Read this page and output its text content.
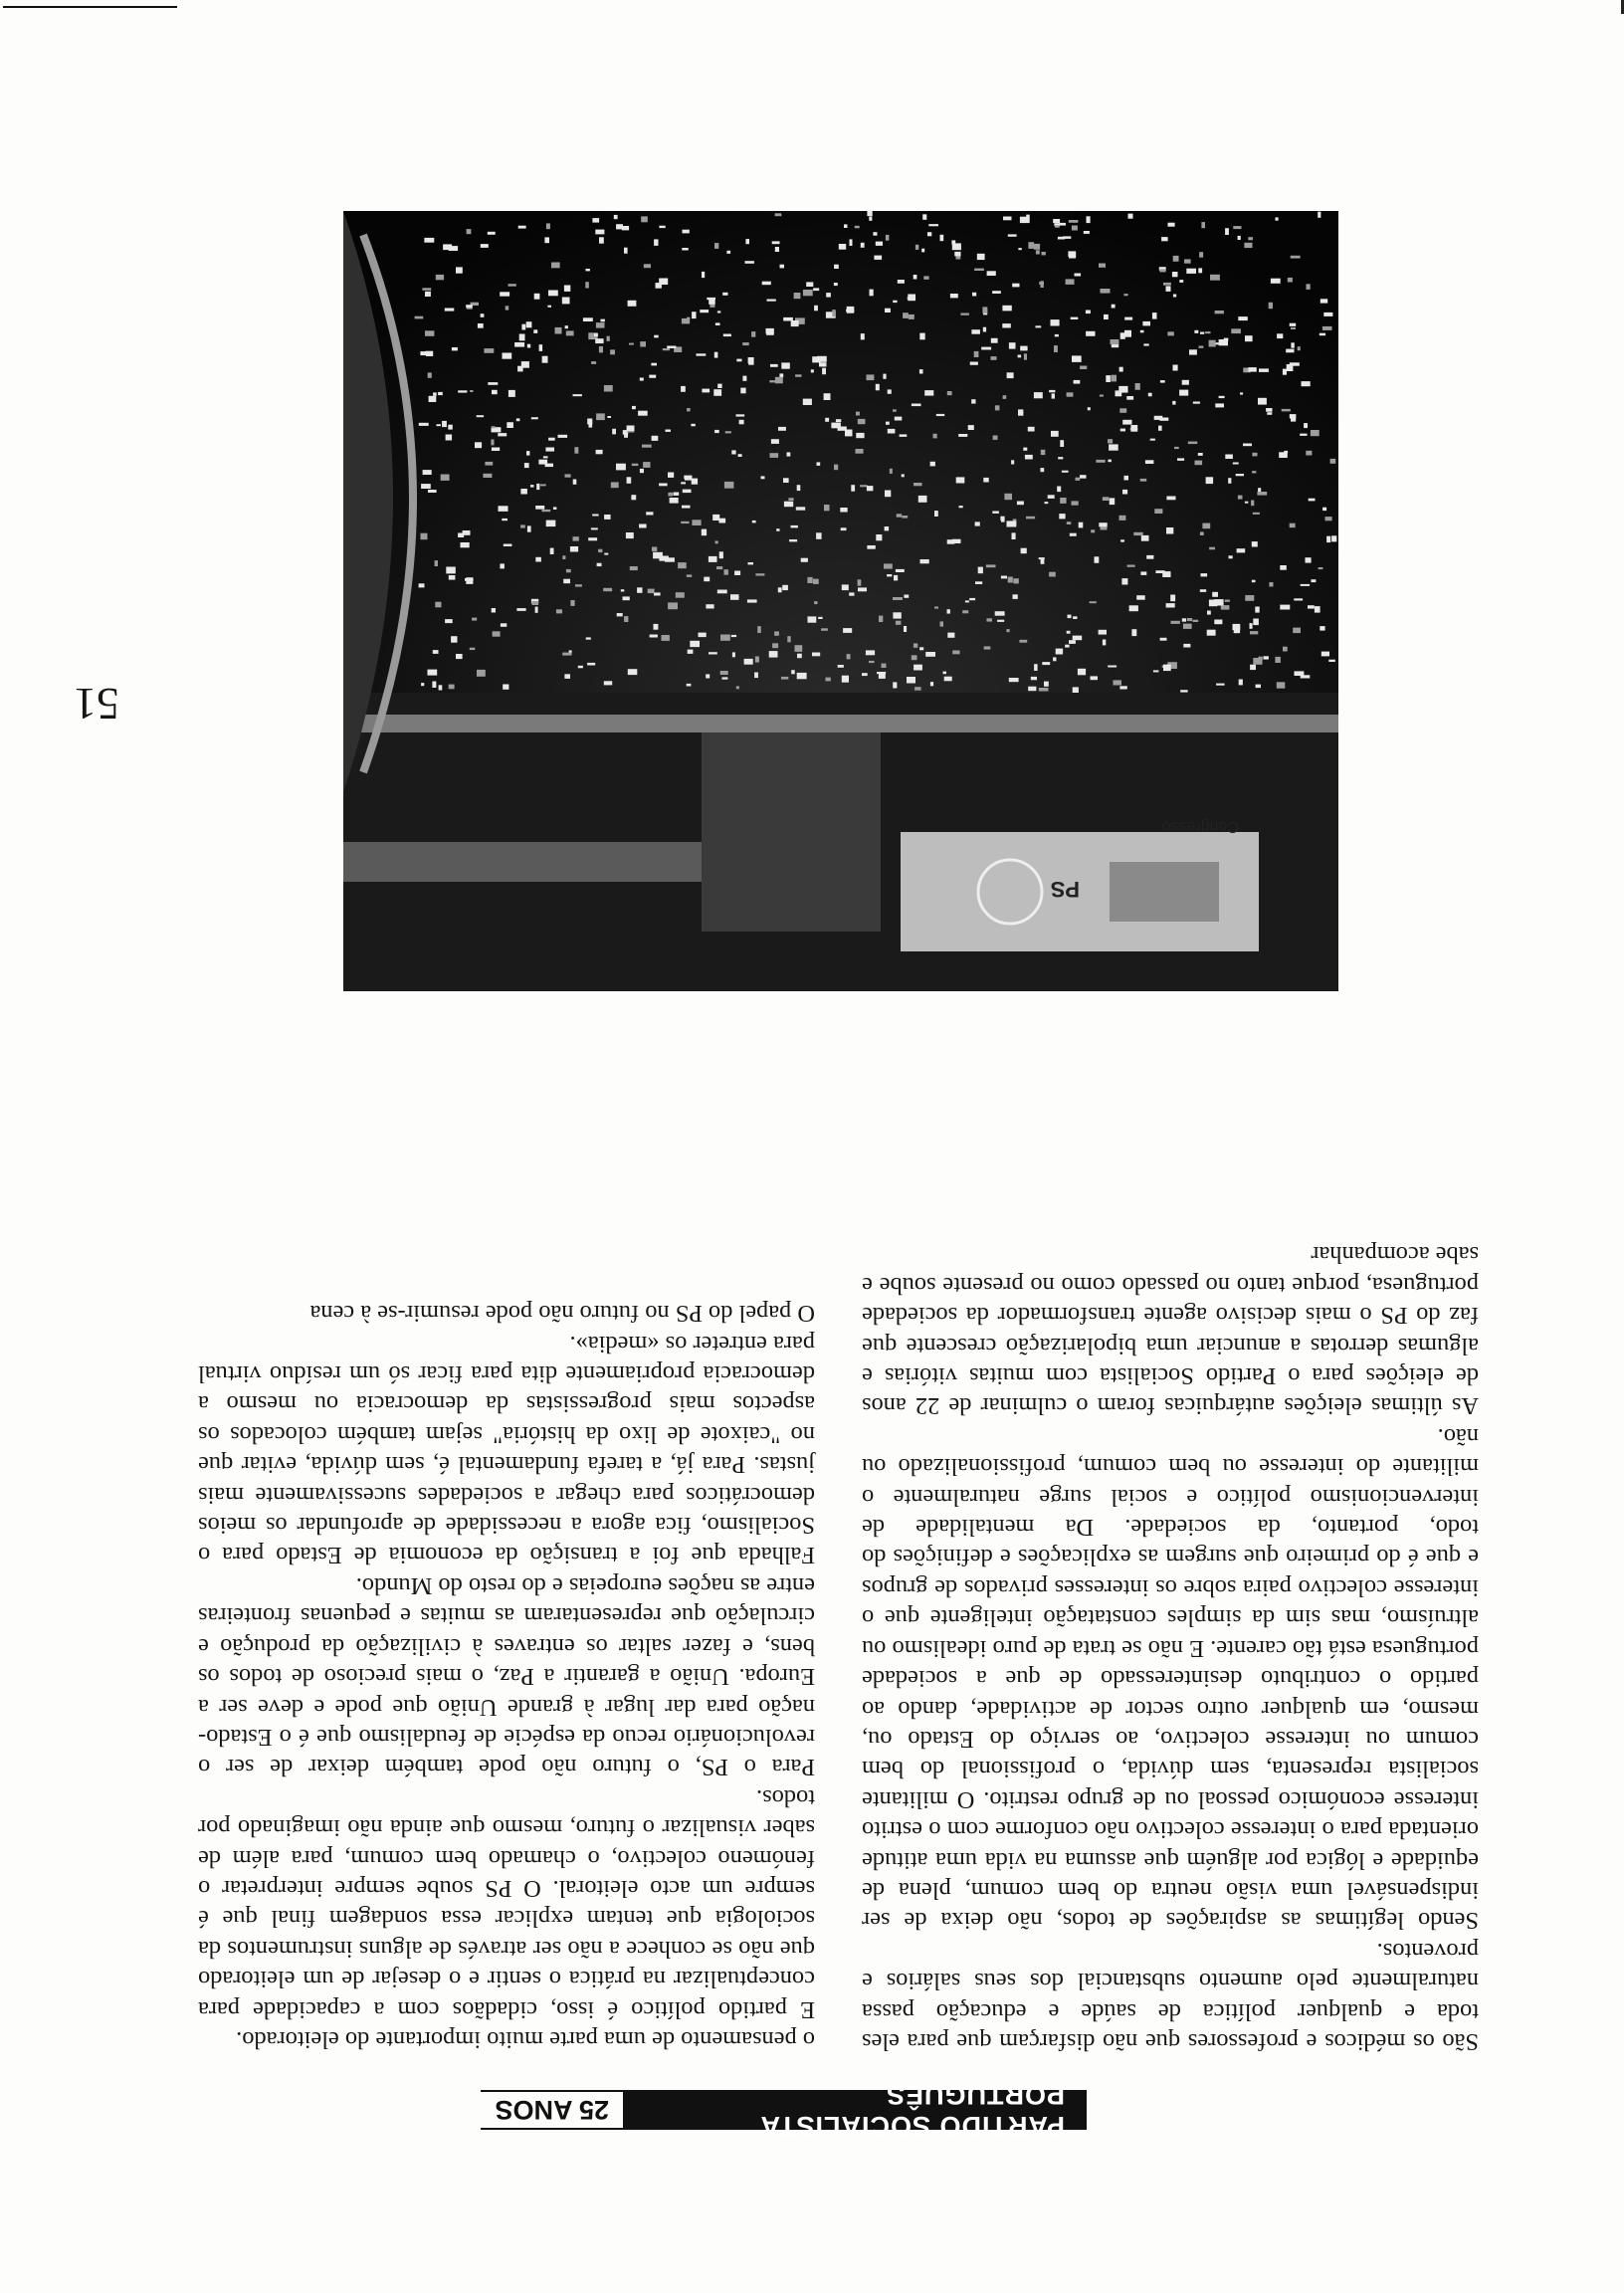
PARTIDO SOCIALISTA PORTUGUÊS
25 ANOS

São os médicos e professores que não disfarçam que para eles toda e qualquer política de saúde e educação passa naturalmente pelo aumento substancial dos seus salários e proventos.

Sendo legítimas as aspirações de todos, não deixa de ser indispensável uma visão neutra do bem comum, plena de equidade e lógica por alguém que assuma na vida uma atitude orientada para o interesse colectivo não conforme com o estrito interesse económico pessoal ou de grupo restrito. O militante socialista representa, sem dúvida, o profissional do bem comum ou interesse colectivo, ao serviço do Estado ou, mesmo, em qualquer outro sector de actividade, dando ao partido o contributo desinteressado de que a sociedade portuguesa está tão carente. E não se trata de puro idealismo ou altruísmo, mas sim da simples constatação inteligente que o interesse colectivo paira sobre os interesses privados de grupos e que é do primeiro que surgem as explicações e definições do todo, portanto, da sociedade. Da mentalidade de intervencionismo político e social surge naturalmente o militante do interesse ou bem comum, profissionalizado ou não.

As últimas eleições autárquicas foram o culminar de 22 anos de eleições para o Partido Socialista com muitas vitórias e algumas derrotas a anunciar uma bipolarização crescente que faz do PS o mais decisivo agente transformador da sociedade portuguesa, porque tanto no passado como no presente soube e sabe acompanhar

o pensamento de uma parte muito importante do eleitorado.

E partido político é isso, cidadãos com a capacidade para conceptualizar na prática o sentir e o desejar de um eleitorado que não se conhece a não ser através de alguns instrumentos da sociologia que tentam explicar essa sondagem final que é sempre um acto eleitoral. O PS soube sempre interpretar o fenómeno colectivo, o chamado bem comum, para além de saber visualizar o futuro, mesmo que ainda não imaginado por todos.

Para o PS, o futuro não pode também deixar de ser o revolucionário recuo da espécie de feudalismo que é o Estado-nação para dar lugar à grande União que pode e deve ser a Europa. União a garantir a Paz, o mais precioso de todos os bens, e fazer saltar os entraves à civilização da produção e circulação que representaram as muitas e pequenas fronteiras entre as nações europeias e do resto do Mundo.

Falhada que foi a transição da economia de Estado para o Socialismo, fica agora a necessidade de aprofundar os meios democráticos para chegar a sociedades sucessivamente mais justas. Para já, a tarefa fundamental é, sem dúvida, evitar que no "caixote de lixo da história" sejam também colocados os aspectos mais progressistas da democracia ou mesmo a democracia propriamente dita para ficar só um resíduo virtual para entreter os «media».

O papel do PS no futuro não pode resumir-se à cena

Congresso
PS
51
